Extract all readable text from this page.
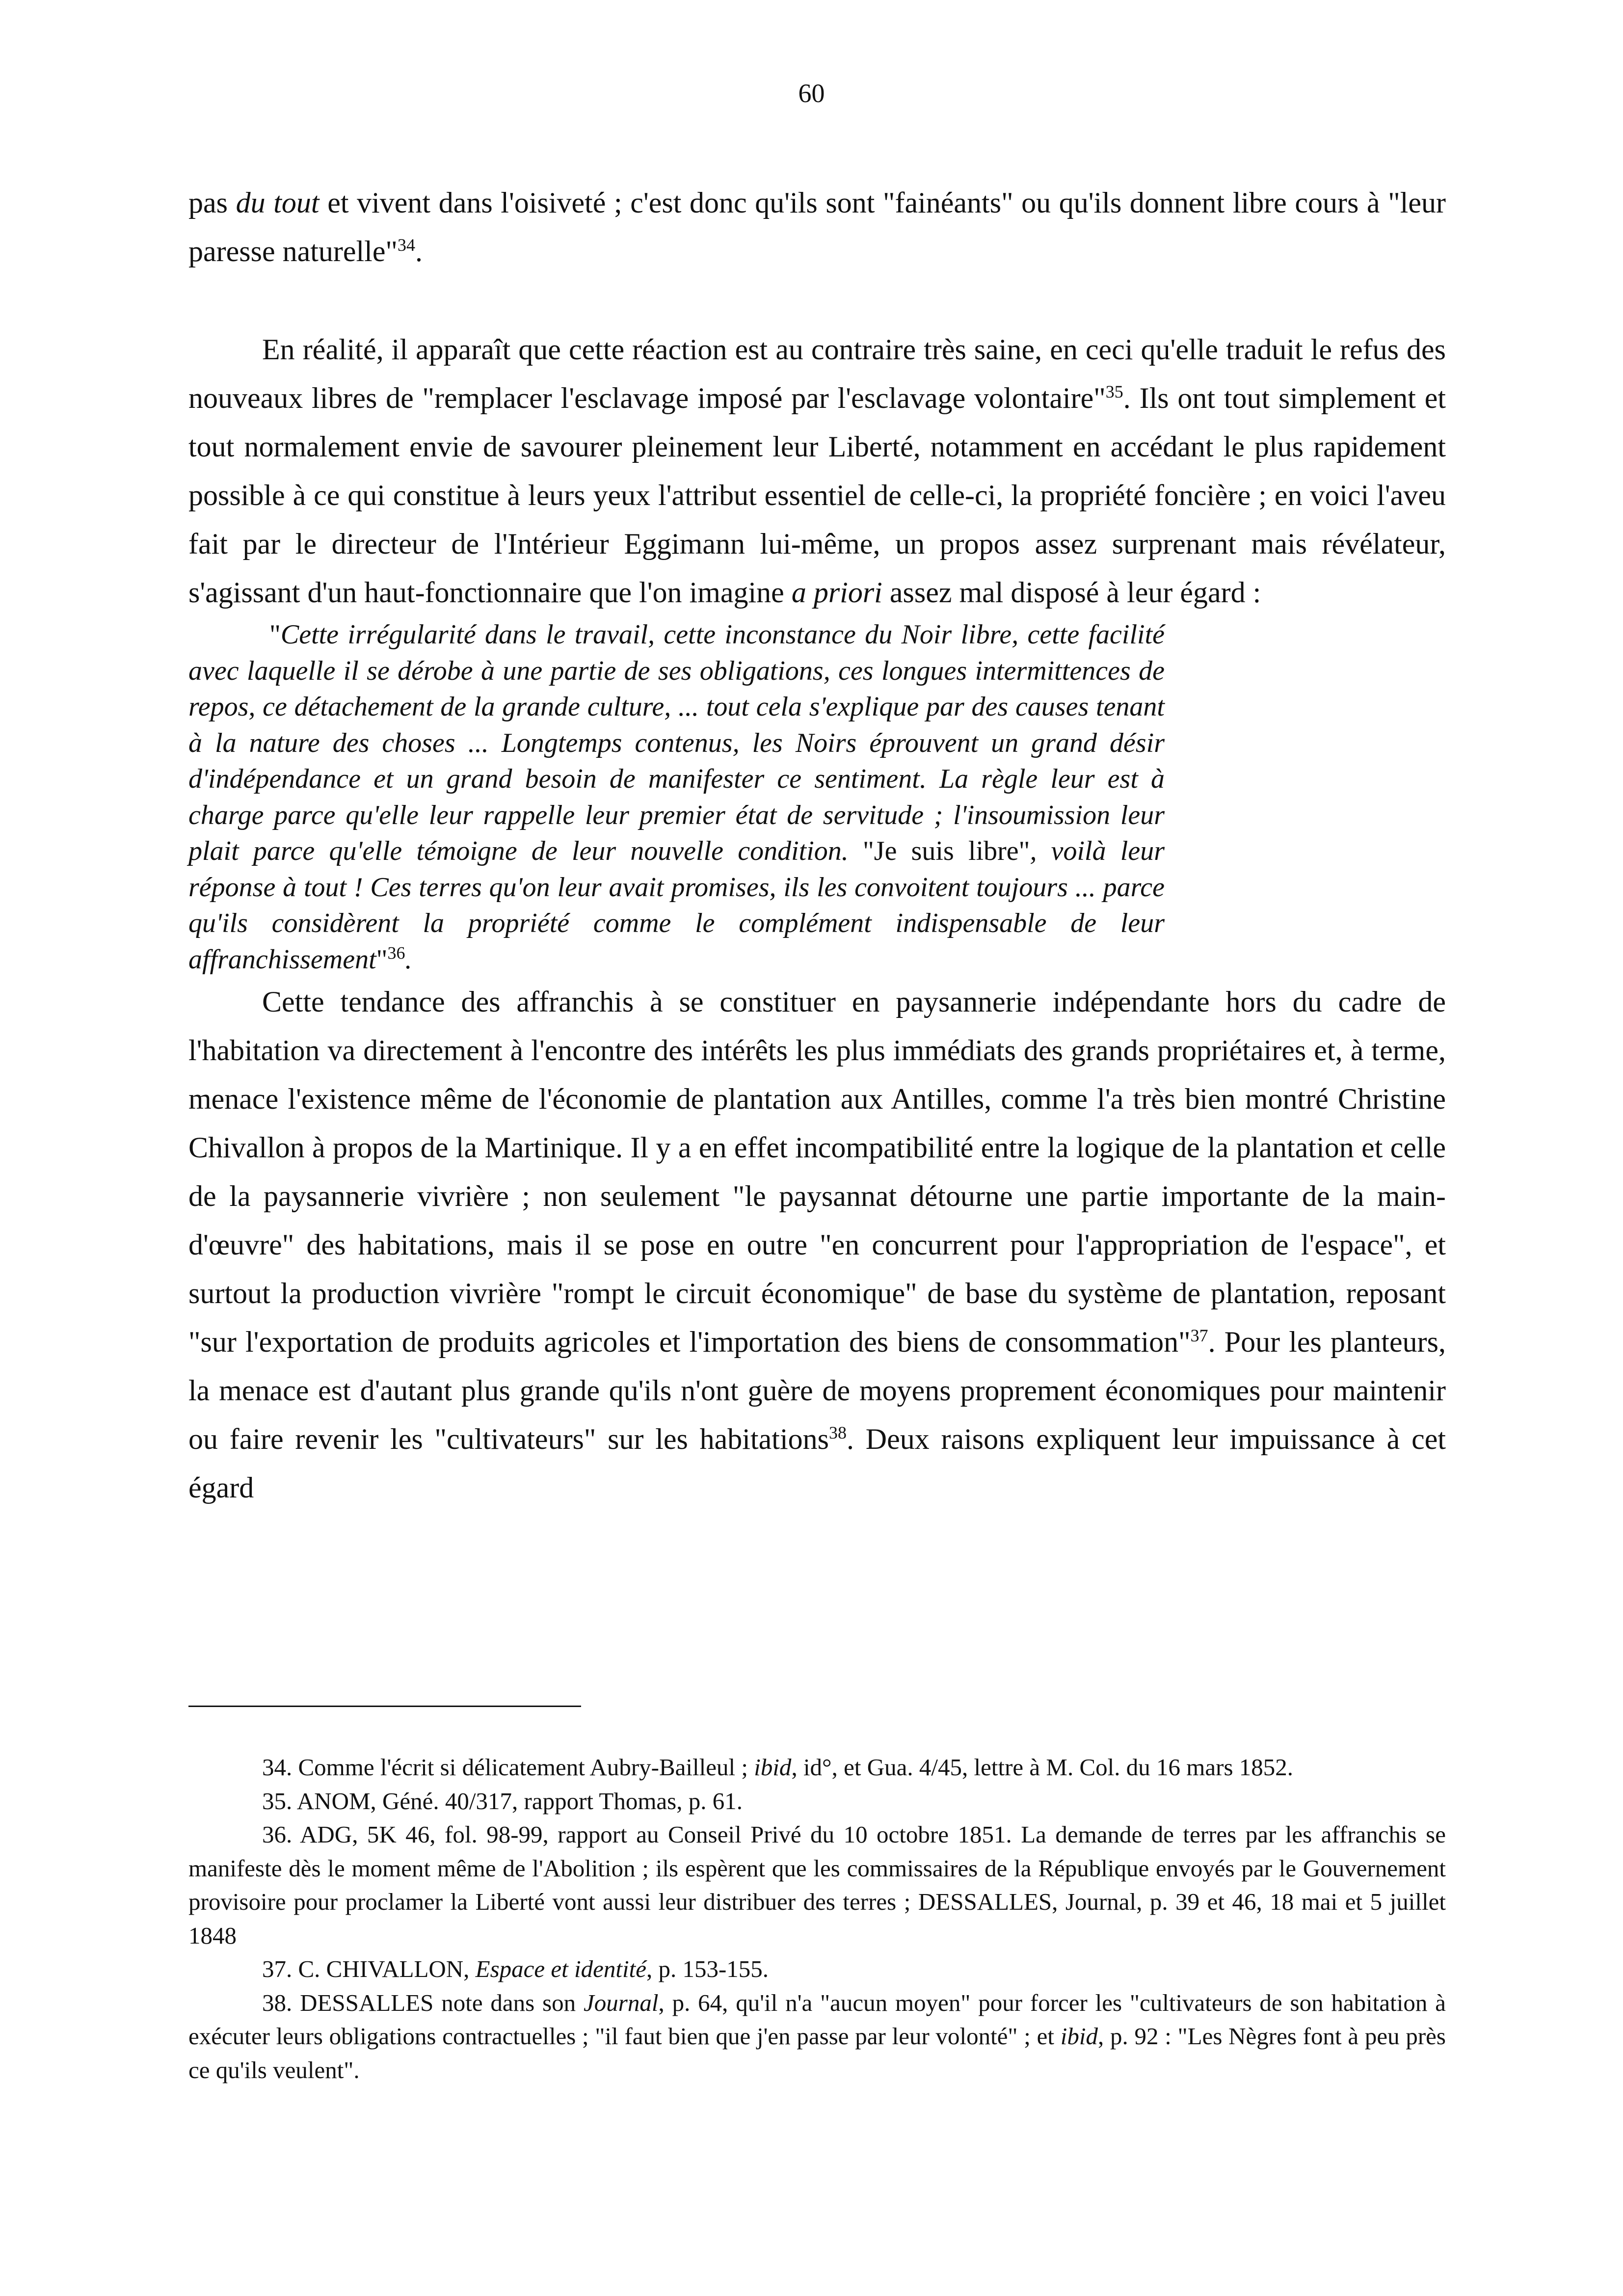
60

pas du tout et vivent dans l'oisiveté ; c'est donc qu'ils sont "fainéants" ou qu'ils donnent libre cours à "leur paresse naturelle"$^{34}$.

En réalité, il apparaît que cette réaction est au contraire très saine, en ceci qu'elle traduit le refus des nouveaux libres de "remplacer l'esclavage imposé par l'esclavage volontaire"$^{35}$. Ils ont tout simplement et tout normalement envie de savourer pleinement leur Liberté, notamment en accédant le plus rapidement possible à ce qui constitue à leurs yeux l'attribut essentiel de celle-ci, la propriété foncière ; en voici l'aveu fait par le directeur de l'Intérieur Eggimann lui-même, un propos assez surprenant mais révélateur, s'agissant d'un haut-fonctionnaire que l'on imagine a priori assez mal disposé à leur égard :

"Cette irrégularité dans le travail, cette inconstance du Noir libre, cette facilité avec laquelle il se dérobe à une partie de ses obligations, ces longues intermittences de repos, ce détachement de la grande culture, ... tout cela s'explique par des causes tenant à la nature des choses ... Longtemps contenus, les Noirs éprouvent un grand désir d'indépendance et un grand besoin de manifester ce sentiment. La règle leur est à charge parce qu'elle leur rappelle leur premier état de servitude ; l'insoumission leur plait parce qu'elle témoigne de leur nouvelle condition. "Je suis libre", voilà leur réponse à tout ! Ces terres qu'on leur avait promises, ils les convoitent toujours ... parce qu'ils considèrent la propriété comme le complément indispensable de leur affranchissement"$^{36}$.

Cette tendance des affranchis à se constituer en paysannerie indépendante hors du cadre de l'habitation va directement à l'encontre des intérêts les plus immédiats des grands propriétaires et, à terme, menace l'existence même de l'économie de plantation aux Antilles, comme l'a très bien montré Christine Chivallon à propos de la Martinique. Il y a en effet incompatibilité entre la logique de la plantation et celle de la paysannerie vivrière ; non seulement "le paysannat détourne une partie importante de la main-d'œuvre" des habitations, mais il se pose en outre "en concurrent pour l'appropriation de l'espace", et surtout la production vivrière "rompt le circuit économique" de base du système de plantation, reposant "sur l'exportation de produits agricoles et l'importation des biens de consommation"$^{37}$. Pour les planteurs, la menace est d'autant plus grande qu'ils n'ont guère de moyens proprement économiques pour maintenir ou faire revenir les "cultivateurs" sur les habitations$^{38}$. Deux raisons expliquent leur impuissance à cet égard

34. Comme l'écrit si délicatement Aubry-Bailleul ; ibid, id°, et Gua. 4/45, lettre à M. Col. du 16 mars 1852.

35. ANOM, Géné. 40/317, rapport Thomas, p. 61.

36. ADG, 5K 46, fol. 98-99, rapport au Conseil Privé du 10 octobre 1851. La demande de terres par les affranchis se manifeste dès le moment même de l'Abolition ; ils espèrent que les commissaires de la République envoyés par le Gouvernement provisoire pour proclamer la Liberté vont aussi leur distribuer des terres ; DESSALLES, Journal, p. 39 et 46, 18 mai et 5 juillet 1848

37. C. CHIVALLON, Espace et identité, p. 153-155.

38. DESSALLES note dans son Journal, p. 64, qu'il n'a "aucun moyen" pour forcer les "cultivateurs de son habitation à exécuter leurs obligations contractuelles ; "il faut bien que j'en passe par leur volonté" ; et ibid, p. 92 : "Les Nègres font à peu près ce qu'ils veulent".
